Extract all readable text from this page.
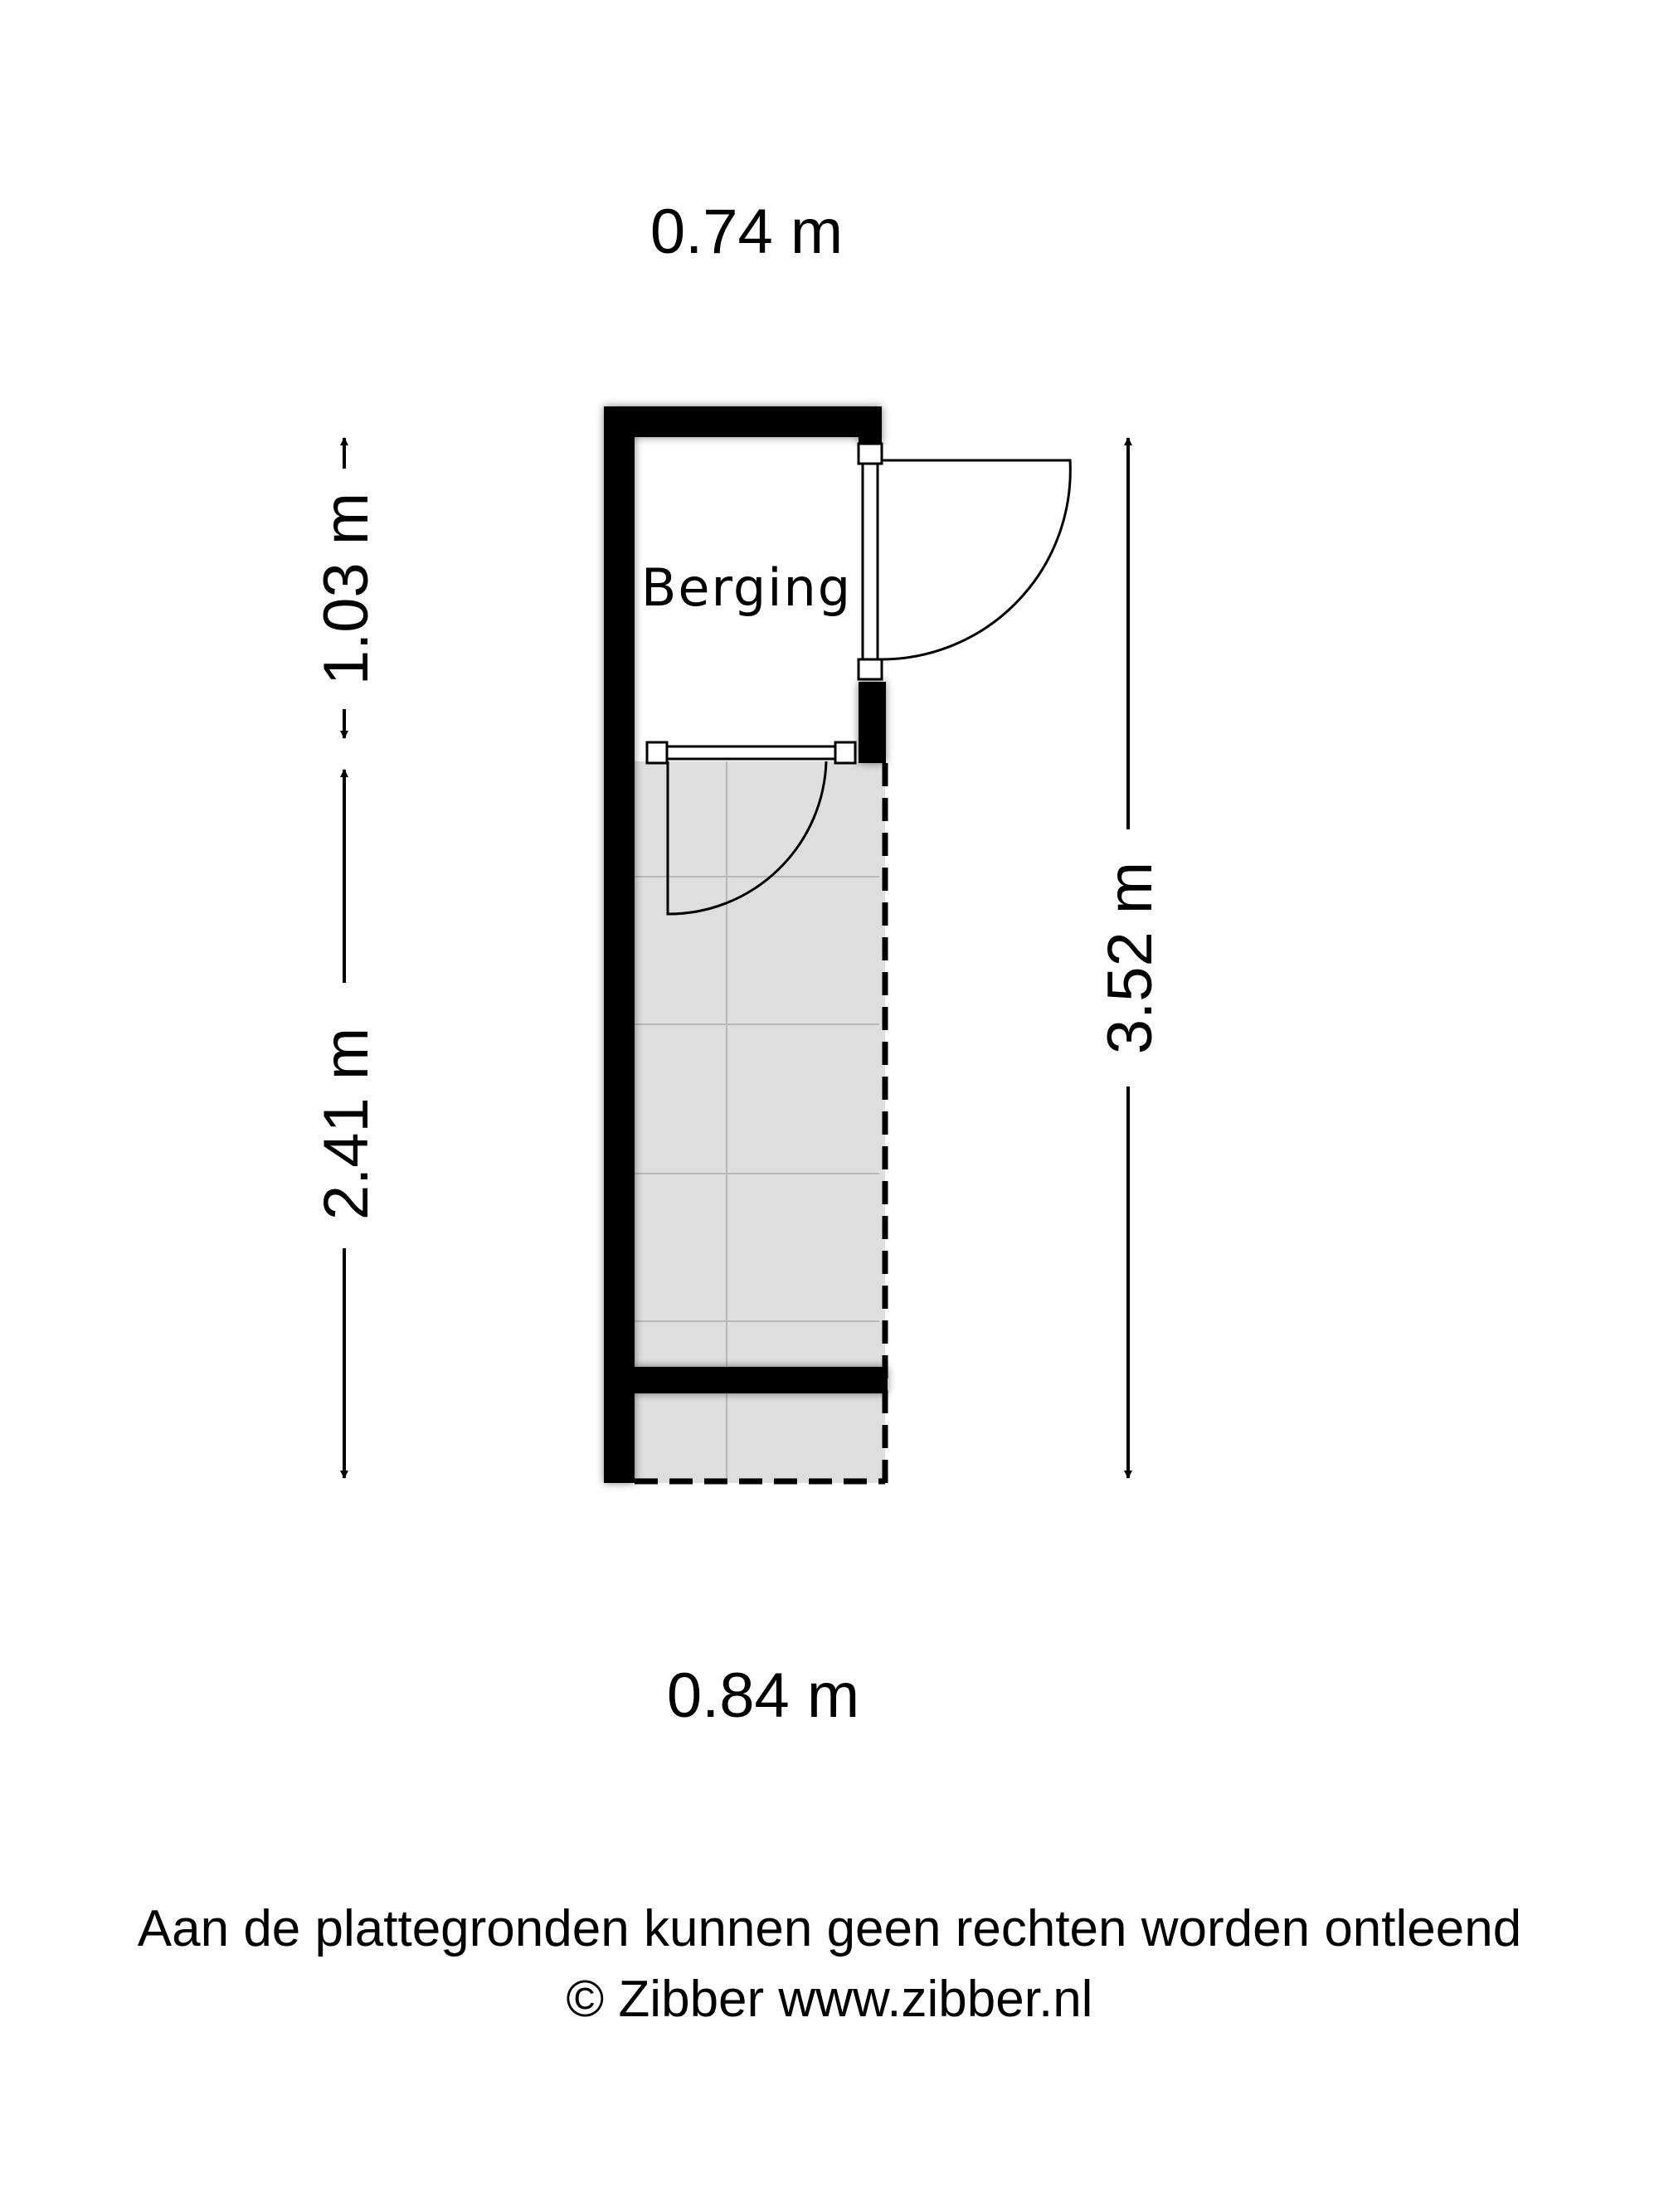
Berging
0.74 m
0.84 m
1.03 m
2.41 m
3.52 m
Aan de plattegronden kunnen geen rechten worden ontleend
© Zibber www.zibber.nl
